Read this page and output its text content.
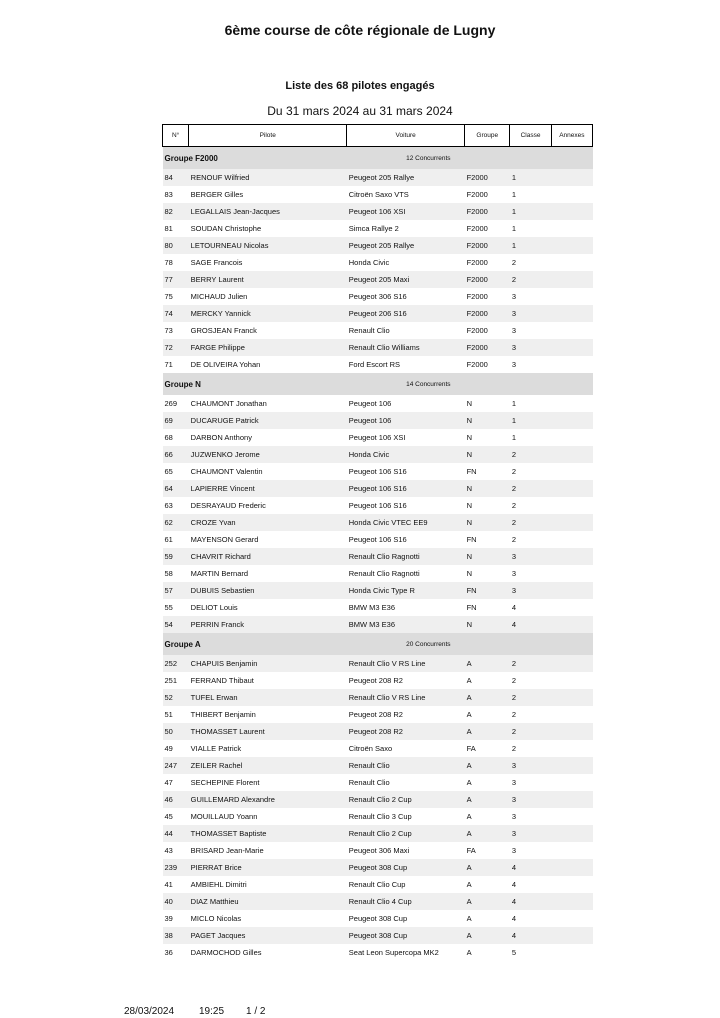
6ème course de côte régionale de Lugny
Liste des 68 pilotes engagés
Du 31 mars 2024 au 31 mars 2024
N°	Pilote	Voiture	Groupe	Classe	Annexes
Groupe F2000		12 Concurrents			
84	RENOUF Wilfried	Peugeot 205 Rallye	F2000	1	
83	BERGER Gilles	Citroën Saxo VTS	F2000	1	
82	LEGALLAIS Jean-Jacques	Peugeot 106 XSI	F2000	1	
81	SOUDAN Christophe	Simca Rallye 2	F2000	1	
80	LETOURNEAU Nicolas	Peugeot 205 Rallye	F2000	1	
78	SAGE Francois	Honda Civic	F2000	2	
77	BERRY Laurent	Peugeot 205 Maxi	F2000	2	
75	MICHAUD Julien	Peugeot 306 S16	F2000	3	
74	MERCKY Yannick	Peugeot 206 S16	F2000	3	
73	GROSJEAN Franck	Renault Clio	F2000	3	
72	FARGE Philippe	Renault Clio Williams	F2000	3	
71	DE OLIVEIRA Yohan	Ford Escort RS	F2000	3	
Groupe N		14 Concurrents			
269	CHAUMONT Jonathan	Peugeot 106	N	1	
69	DUCARUGE Patrick	Peugeot 106	N	1	
68	DARBON Anthony	Peugeot 106 XSI	N	1	
66	JUZWENKO Jerome	Honda Civic	N	2	
65	CHAUMONT Valentin	Peugeot 106 S16	FN	2	
64	LAPIERRE Vincent	Peugeot 106 S16	N	2	
63	DESRAYAUD Frederic	Peugeot 106 S16	N	2	
62	CROZE Yvan	Honda Civic VTEC EE9	N	2	
61	MAYENSON Gerard	Peugeot 106 S16	FN	2	
59	CHAVRIT Richard	Renault Clio Ragnotti	N	3	
58	MARTIN Bernard	Renault Clio Ragnotti	N	3	
57	DUBUIS Sebastien	Honda Civic Type R	FN	3	
55	DELIOT Louis	BMW M3 E36	FN	4	
54	PERRIN Franck	BMW M3 E36	N	4	
Groupe A		20 Concurrents			
252	CHAPUIS Benjamin	Renault Clio V RS Line	A	2	
251	FERRAND Thibaut	Peugeot 208 R2	A	2	
52	TUFEL Erwan	Renault Clio V RS Line	A	2	
51	THIBERT Benjamin	Peugeot 208 R2	A	2	
50	THOMASSET Laurent	Peugeot 208 R2	A	2	
49	VIALLE Patrick	Citroën Saxo	FA	2	
247	ZEILER Rachel	Renault Clio	A	3	
47	SECHEPINE Florent	Renault Clio	A	3	
46	GUILLEMARD Alexandre	Renault Clio 2 Cup	A	3	
45	MOUILLAUD Yoann	Renault Clio 3 Cup	A	3	
44	THOMASSET Baptiste	Renault Clio 2 Cup	A	3	
43	BRISARD Jean-Marie	Peugeot 306 Maxi	FA	3	
239	PIERRAT Brice	Peugeot 308 Cup	A	4	
41	AMBIEHL Dimitri	Renault Clio Cup	A	4	
40	DIAZ Matthieu	Renault Clio 4 Cup	A	4	
39	MICLO Nicolas	Peugeot 308 Cup	A	4	
38	PAGET Jacques	Peugeot 308 Cup	A	4	
36	DARMOCHOD Gilles	Seat Leon Supercopa MK2	A	5	
28/03/2024 19:25 1 / 2
